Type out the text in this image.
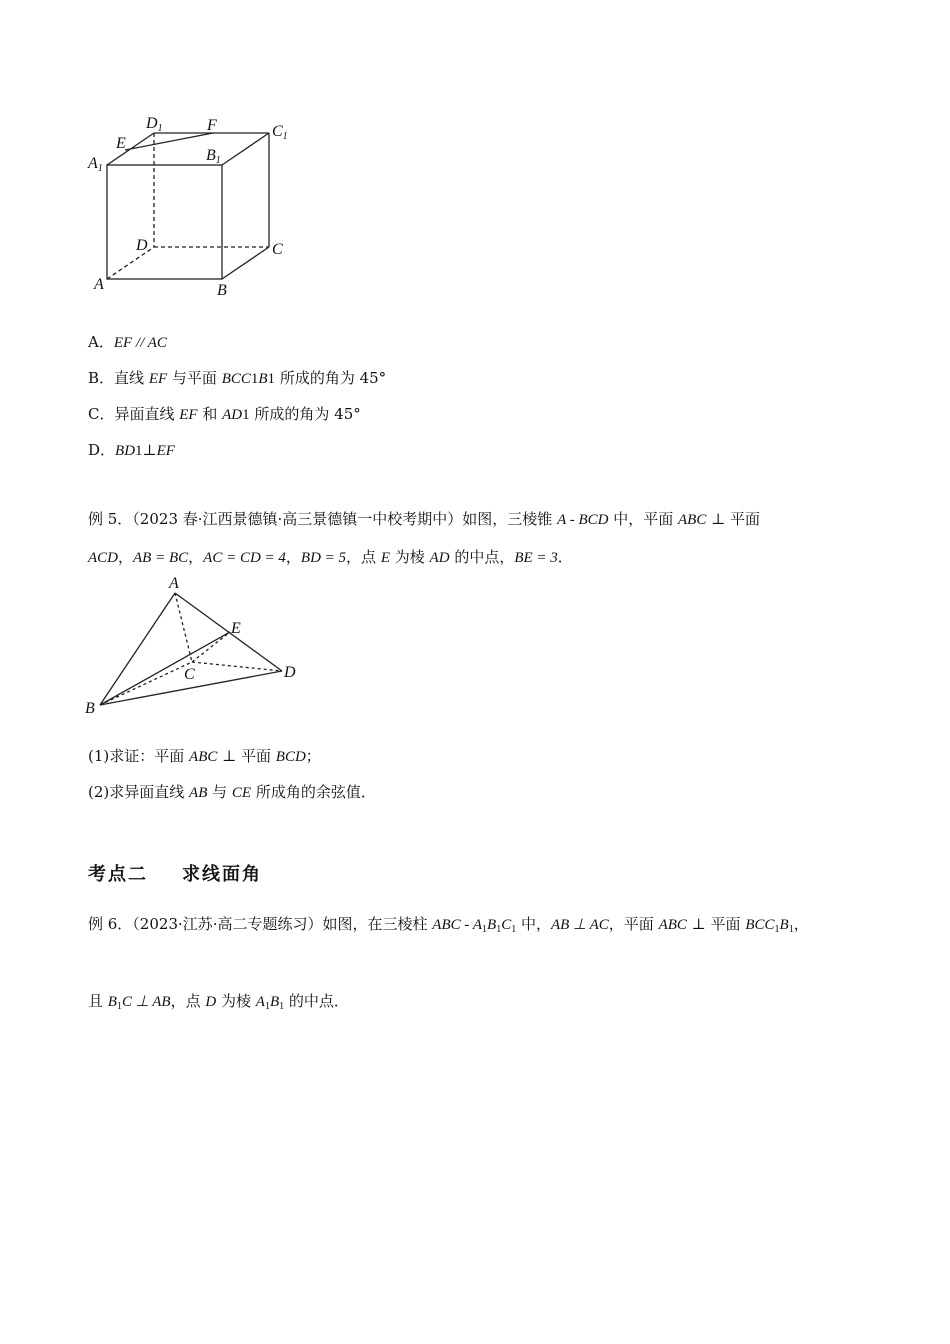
D1	F	C1
E
A1
B1
D	C
A	B
A．EF // AC
B．直线 EF 与平面 BCC1B1 所成的角为 45°
C．异面直线 EF 和 AD1 所成的角为 45°
D．BD1⊥EF
例 5．（2023 春·江西景德镇·高三景德镇一中校考期中）如图，三棱锥 A - BCD 中，平面 ABC ⊥ 平面
ACD，AB = BC，AC = CD = 4，BD = 5，点 E 为棱 AD 的中点，BE = 3．
A
E
C	D
B
(1)求证：平面 ABC ⊥ 平面 BCD；
(2)求异面直线 AB 与 CE 所成角的余弦值．
考点二 求线面角
例 6．（2023·江苏·高二专题练习）如图，在三棱柱 ABC - $A_1B_1C_1$ 中，AB ⊥ AC，平面 ABC ⊥ 平面 $BCC_1B_1$，
且 $B_1C$ ⊥ AB，点 D 为棱 $A_1B_1$ 的中点．
